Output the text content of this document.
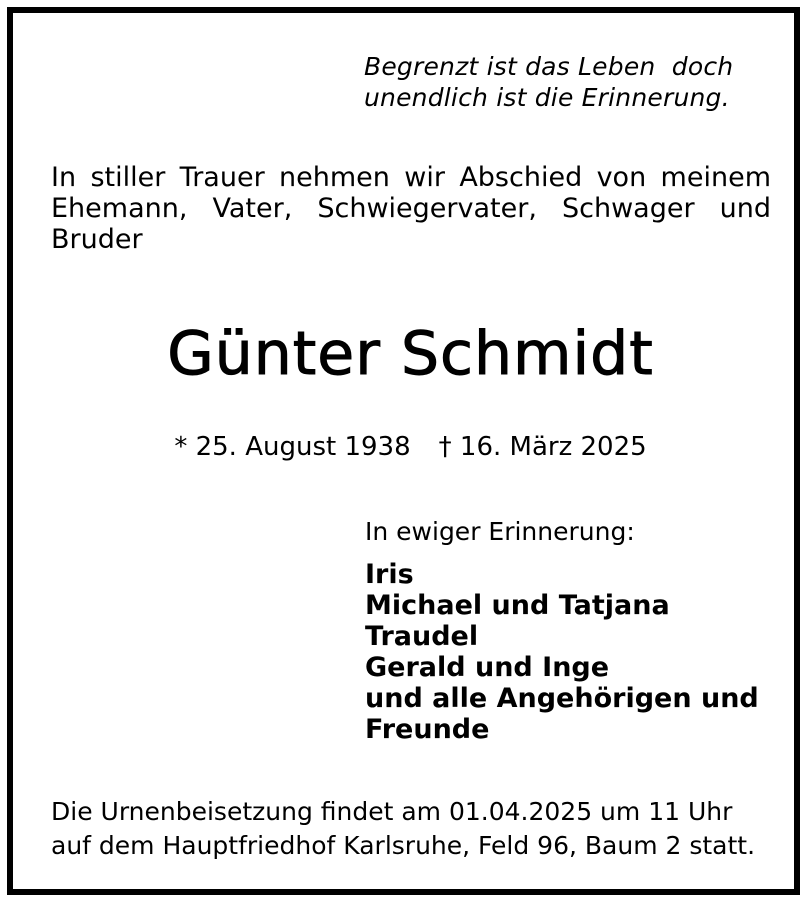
Begrenzt ist das Leben  doch
unendlich ist die Erinnerung.
In stiller Trauer nehmen wir Abschied von meinem
Ehemann, Vater, Schwiegervater, Schwager und
Bruder
Günter Schmidt
* 25. August 1938 † 16. März 2025
In ewiger Erinnerung:
Iris
Michael und Tatjana
Traudel
Gerald und Inge
und alle Angehörigen und
Freunde
Die Urnenbeisetzung findet am 01.04.2025 um 11 Uhr
auf dem Hauptfriedhof Karlsruhe, Feld 96, Baum 2 statt.
